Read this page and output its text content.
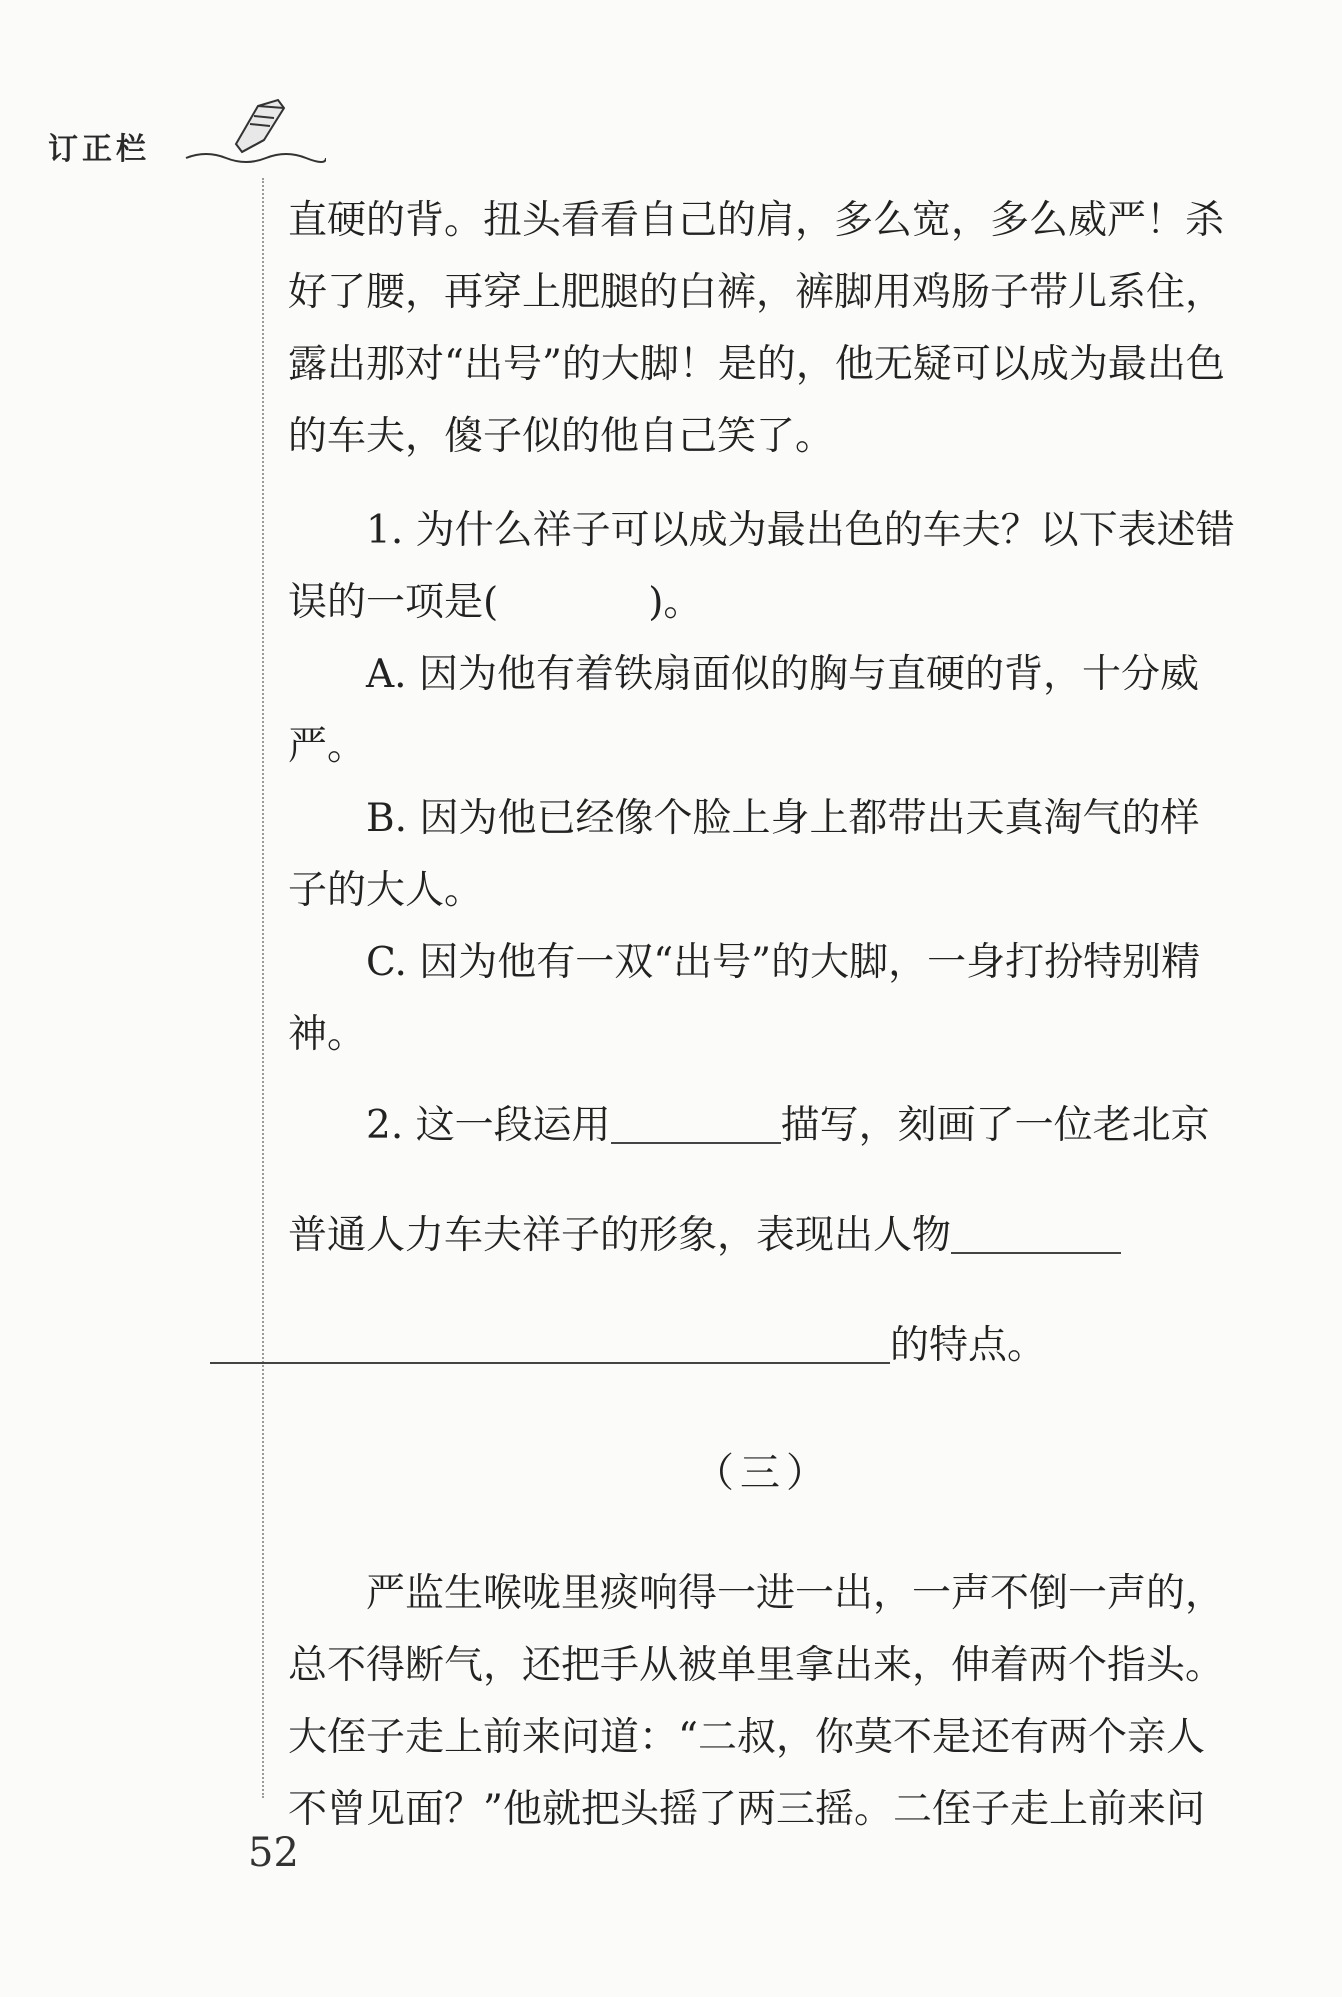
订正栏

直硬的背。扭头看看自己的肩，多么宽，多么威严！杀好了腰，再穿上肥腿的白裤，裤脚用鸡肠子带儿系住，露出那对“出号”的大脚！是的，他无疑可以成为最出色的车夫，傻子似的他自己笑了。

1. 为什么祥子可以成为最出色的车夫？以下表述错误的一项是(	)。

A. 因为他有着铁扇面似的胸与直硬的背，十分威严。

B. 因为他已经像个脸上身上都带出天真淘气的样子的大人。

C. 因为他有一双“出号”的大脚，一身打扮特别精神。

2. 这一段运用	描写，刻画了一位老北京普通人力车夫祥子的形象，表现出人物
的特点。

（三）

严监生喉咙里痰响得一进一出，一声不倒一声的，总不得断气，还把手从被单里拿出来，伸着两个指头。大侄子走上前来问道：“二叔，你莫不是还有两个亲人不曾见面？”他就把头摇了两三摇。二侄子走上前来问

52
